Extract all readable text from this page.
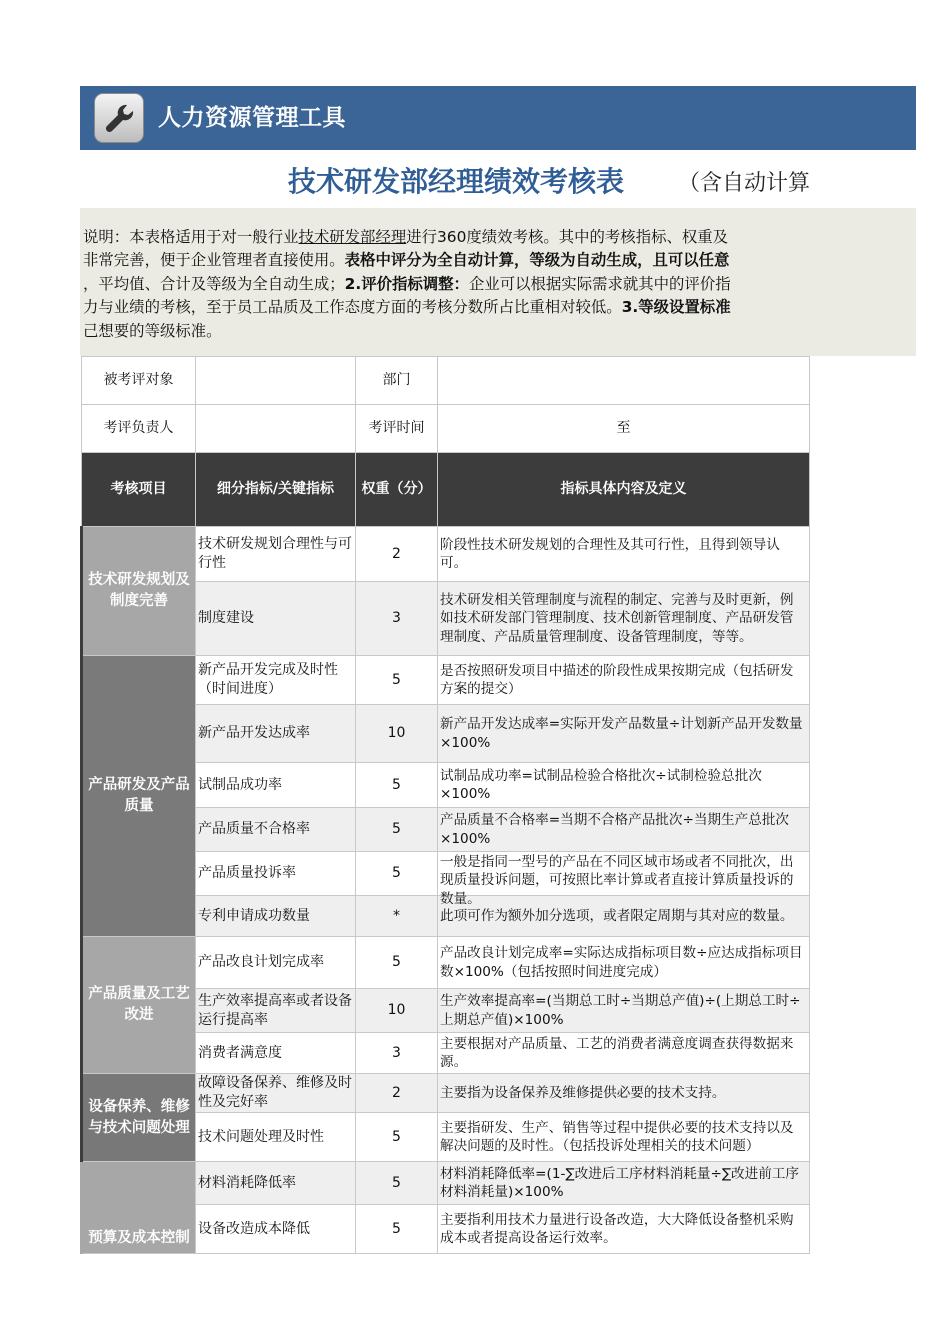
人力资源管理工具
技术研发部经理绩效考核表 （含自动计算
说明：本表格适用于对一般行业技术研发部经理进行360度绩效考核。其中的考核指标、权重及
非常完善，便于企业管理者直接使用。表格中评分为全自动计算，等级为自动生成，且可以任意
，平均值、合计及等级为全自动生成；2.评价指标调整：企业可以根据实际需求就其中的评价指
力与业绩的考核，至于员工品质及工作态度方面的考核分数所占比重相对较低。3.等级设置标准
己想要的等级标准。
被考评对象		部门	
考评负责人		考评时间	至
考核项目	细分指标/关键指标	权重（分）	指标具体内容及定义
技术研发规划及制度完善	技术研发规划合理性与可行性	2	阶段性技术研发规划的合理性及其可行性，且得到领导认可。
	制度建设	3	技术研发相关管理制度与流程的制定、完善与及时更新，例如技术研发部门管理制度、技术创新管理制度、产品研发管理制度、产品质量管理制度、设备管理制度，等等。
产品研发及产品质量	新产品开发完成及时性（时间进度）	5	是否按照研发项目中描述的阶段性成果按期完成（包括研发方案的提交）
	新产品开发达成率	10	新产品开发达成率=实际开发产品数量÷计划新产品开发数量×100%
	试制品成功率	5	试制品成功率=试制品检验合格批次÷试制检验总批次×100%
	产品质量不合格率	5	产品质量不合格率=当期不合格产品批次÷当期生产总批次×100%
	产品质量投诉率	5	一般是指同一型号的产品在不同区域市场或者不同批次，出现质量投诉问题，可按照比率计算或者直接计算质量投诉的数量。

	专利申请成功数量	*	此项可作为额外加分选项，或者限定周期与其对应的数量。
产品质量及工艺改进	产品改良计划完成率	5	产品改良计划完成率=实际达成指标项目数÷应达成指标项目数×100%（包括按照时间进度完成）
	生产效率提高率或者设备运行提高率	10	生产效率提高率=(当期总工时÷当期总产值)÷(上期总工时÷上期总产值)×100%
	消费者满意度	3	主要根据对产品质量、工艺的消费者满意度调查获得数据来源。
设备保养、维修与技术问题处理	故障设备保养、维修及时性及完好率	2	主要指为设备保养及维修提供必要的技术支持。
	技术问题处理及时性	5	主要指研发、生产、销售等过程中提供必要的技术支持以及解决问题的及时性。（包括投诉处理相关的技术问题）
预算及成本控制	材料消耗降低率	5	材料消耗降低率=(1-∑改进后工序材料消耗量÷∑改进前工序材料消耗量)×100%
	设备改造成本降低	5	主要指利用技术力量进行设备改造，大大降低设备整机采购成本或者提高设备运行效率。
